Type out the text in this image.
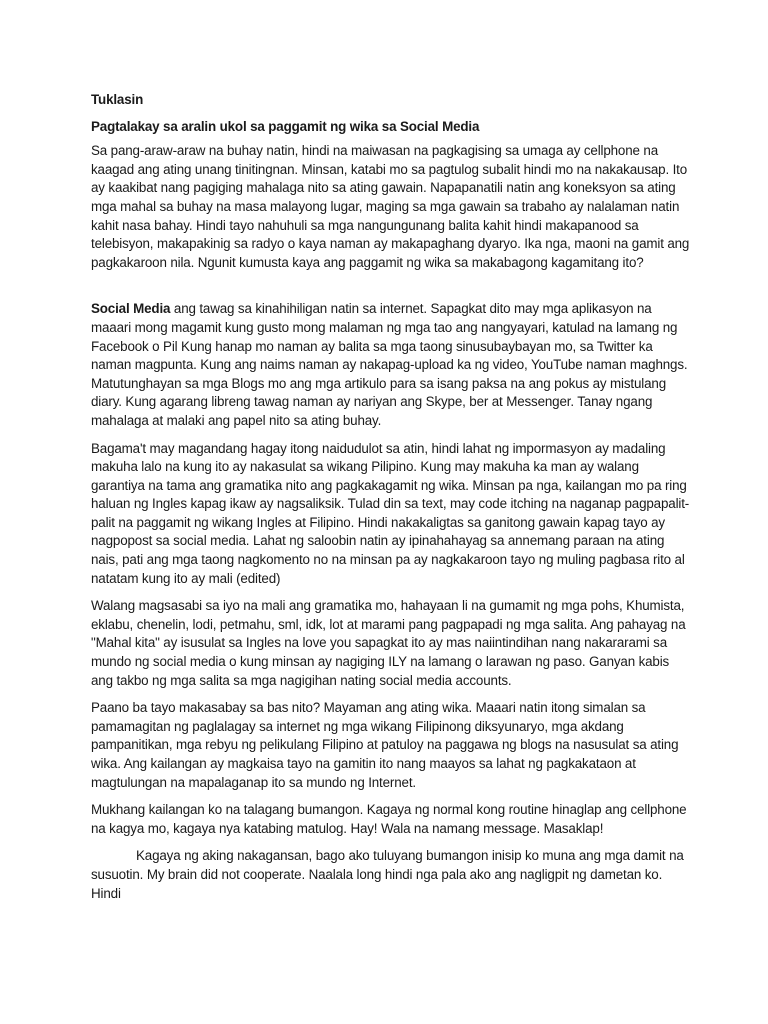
Tuklasin
Pagtalakay sa aralin ukol sa paggamit ng wika sa Social Media

Sa pang-araw-araw na buhay natin, hindi na maiwasan na pagkagising sa umaga ay cellphone na kaagad ang ating unang tinitingnan. Minsan, katabi mo sa pagtulog subalit hindi mo na nakakausap. Ito ay kaakibat nang pagiging mahalaga nito sa ating gawain. Napapanatili natin ang koneksyon sa ating mga mahal sa buhay na masa malayong lugar, maging sa mga gawain sa trabaho ay nalalaman natin kahit nasa bahay. Hindi tayo nahuhuli sa mga nangungunang balita kahit hindi makapanood sa telebisyon, makapakinig sa radyo o kaya naman ay makapaghang dyaryo. Ika nga, maoni na gamit ang pagkakaroon nila. Ngunit kumusta kaya ang paggamit ng wika sa makabagong kagamitang ito?

Social Media ang tawag sa kinahihiligan natin sa internet. Sapagkat dito may mga aplikasyon na maaari mong magamit kung gusto mong malaman ng mga tao ang nangyayari, katulad na lamang ng Facebook o Pil Kung hanap mo naman ay balita sa mga taong sinusubaybayan mo, sa Twitter ka naman magpunta. Kung ang naims naman ay nakapag-upload ka ng video, YouTube naman maghngs. Matutunghayan sa mga Blogs mo ang mga artikulo para sa isang paksa na ang pokus ay mistulang diary. Kung agarang libreng tawag naman ay nariyan ang Skype, ber at Messenger. Tanay ngang mahalaga at malaki ang papel nito sa ating buhay.

Bagama't may magandang hagay itong naidudulot sa atin, hindi lahat ng impormasyon ay madaling makuha lalo na kung ito ay nakasulat sa wikang Pilipino. Kung may makuha ka man ay walang garantiya na tama ang gramatika nito ang pagkakagamit ng wika. Minsan pa nga, kailangan mo pa ring haluan ng Ingles kapag ikaw ay nagsaliksik. Tulad din sa text, may code itching na naganap pagpapalit-palit na paggamit ng wikang Ingles at Filipino. Hindi nakakaligtas sa ganitong gawain kapag tayo ay nagpopost sa social media. Lahat ng saloobin natin ay ipinahahayag sa annemang paraan na ating nais, pati ang mga taong nagkomento no na minsan pa ay nagkakaroon tayo ng muling pagbasa rito al natatam kung ito ay mali (edited)

Walang magsasabi sa iyo na mali ang gramatika mo, hahayaan li na gumamit ng mga pohs, Khumista, eklabu, chenelin, lodi, petmahu, sml, idk, lot at marami pang pagpapadi ng mga salita. Ang pahayag na "Mahal kita" ay isusulat sa Ingles na love you sapagkat ito ay mas naiintindihan nang nakararami sa mundo ng social media o kung minsan ay nagiging ILY na lamang o larawan ng paso. Ganyan kabis ang takbo ng mga salita sa mga nagigihan nating social media accounts.

Paano ba tayo makasabay sa bas nito? Mayaman ang ating wika. Maaari natin itong simalan sa pamamagitan ng paglalagay sa internet ng mga wikang Filipinong diksyunaryo, mga akdang pampanitikan, mga rebyu ng pelikulang Filipino at patuloy na paggawa ng blogs na nasusulat sa ating wika. Ang kailangan ay magkaisa tayo na gamitin ito nang maayos sa lahat ng pagkakataon at magtulungan na mapalaganap ito sa mundo ng Internet.

Mukhang kailangan ko na talagang bumangon. Kagaya ng normal kong routine hinaglap ang cellphone na kagya mo, kagaya nya katabing matulog. Hay! Wala na namang message. Masaklap!

Kagaya ng aking nakagansan, bago ako tuluyang bumangon inisip ko muna ang mga damit na susuotin. My brain did not cooperate. Naalala long hindi nga pala ako ang nagligpit ng dametan ko. Hindi
